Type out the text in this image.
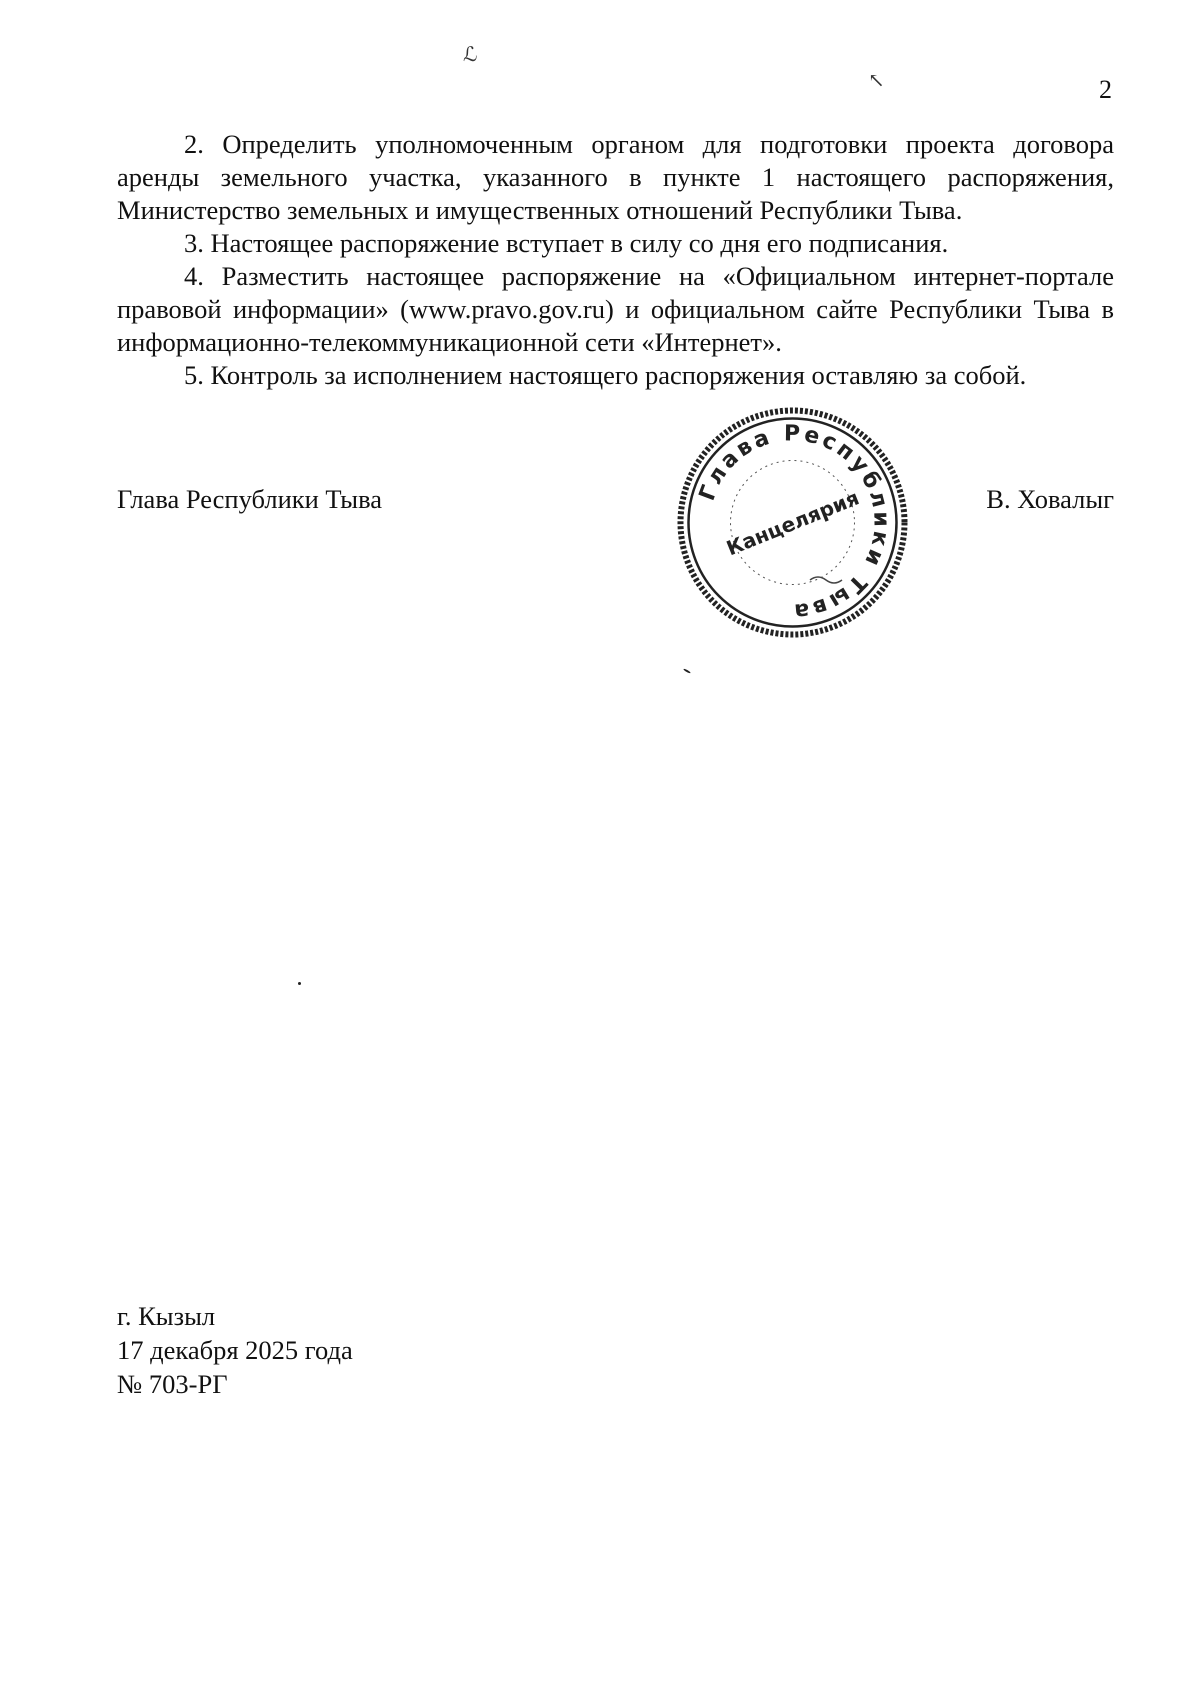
ℒ
↖	2

2. Определить уполномоченным органом для подготовки проекта договора аренды земельного участка, указанного в пункте 1 настоящего распоряжения, Министерство земельных и имущественных отношений Республики Тыва.

3. Настоящее распоряжение вступает в силу со дня его подписания.

4. Разместить настоящее распоряжение на «Официальном интернет-портале правовой информации» (www.pravo.gov.ru) и официальном сайте Республики Тыва в информационно-телекоммуникационной сети «Интернет».

5. Контроль за исполнением настоящего распоряжения оставляю за собой.

Глава Республики Тыва	В. Ховалыг
Глава Республики Тыва
Канцелярия
г. Кызыл
17 декабря 2025 года
№ 703-РГ
